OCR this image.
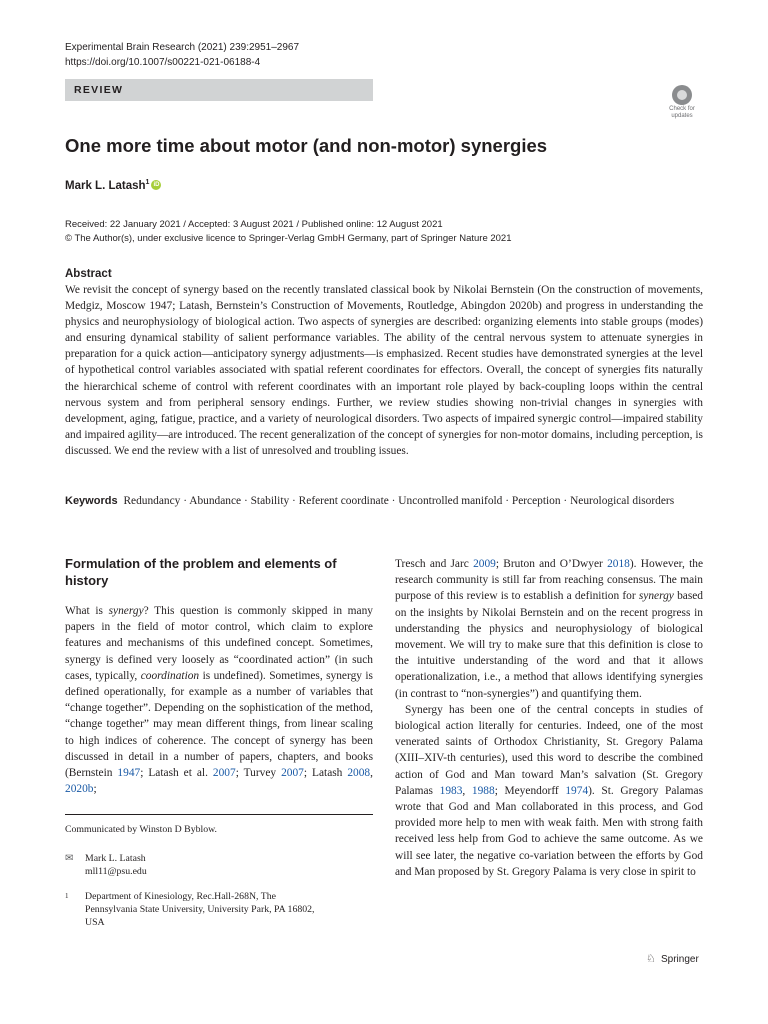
Experimental Brain Research (2021) 239:2951–2967
https://doi.org/10.1007/s00221-021-06188-4
REVIEW
Check for updates
One more time about motor (and non-motor) synergies
Mark L. Latash$^1$ iD
Received: 22 January 2021 / Accepted: 3 August 2021 / Published online: 12 August 2021
© The Author(s), under exclusive licence to Springer-Verlag GmbH Germany, part of Springer Nature 2021
Abstract

We revisit the concept of synergy based on the recently translated classical book by Nikolai Bernstein (On the construction of movements, Medgiz, Moscow 1947; Latash, Bernstein’s Construction of Movements, Routledge, Abingdon 2020b) and progress in understanding the physics and neurophysiology of biological action. Two aspects of synergies are described: organizing elements into stable groups (modes) and ensuring dynamical stability of salient performance variables. The ability of the central nervous system to attenuate synergies in preparation for a quick action—anticipatory synergy adjustments—is emphasized. Recent studies have demonstrated synergies at the level of hypothetical control variables associated with spatial referent coordinates for effectors. Overall, the concept of synergies fits naturally the hierarchical scheme of control with referent coordinates with an important role played by back-coupling loops within the central nervous system and from peripheral sensory endings. Further, we review studies showing non-trivial changes in synergies with development, aging, fatigue, practice, and a variety of neurological disorders. Two aspects of impaired synergic control—impaired stability and impaired agility—are introduced. The recent generalization of the concept of synergies for non-motor domains, including perception, is discussed. We end the review with a list of unresolved and troubling issues.

Keywords Redundancy · Abundance · Stability · Referent coordinate · Uncontrolled manifold · Perception · Neurological disorders
Formulation of the problem and elements of history

What is synergy? This question is commonly skipped in many papers in the field of motor control, which claim to explore features and mechanisms of this undefined concept. Sometimes, synergy is defined very loosely as “coordinated action” (in such cases, typically, coordination is undefined). Sometimes, synergy is defined operationally, for example as a number of variables that “change together”. Depending on the sophistication of the method, “change together” may mean different things, from linear scaling to high indices of coherence. The concept of synergy has been discussed in detail in a number of papers, chapters, and books (Bernstein 1947; Latash et al. 2007; Turvey 2007; Latash 2008, 2020b;

Communicated by Winston D Byblow.
✉	Mark L. Latash
mll11@psu.edu
1	Department of Kinesiology, Rec.Hall-268N, The
Pennsylvania State University, University Park, PA 16802,
USA

Tresch and Jarc 2009; Bruton and O’Dwyer 2018). However, the research community is still far from reaching consensus. The main purpose of this review is to establish a definition for synergy based on the insights by Nikolai Bernstein and on the recent progress in understanding the physics and neurophysiology of biological movement. We will try to make sure that this definition is close to the intuitive understanding of the word and that it allows operationalization, i.e., a method that allows identifying synergies (in contrast to “non-synergies”) and quantifying them.

Synergy has been one of the central concepts in studies of biological action literally for centuries. Indeed, one of the most venerated saints of Orthodox Christianity, St. Gregory Palama (XIII–XIV-th centuries), used this word to describe the combined action of God and Man toward Man’s salvation (St. Gregory Palamas 1983, 1988; Meyendorff 1974). St. Gregory Palamas wrote that God and Man collaborated in this process, and God provided more help to men with weak faith. Men with strong faith received less help from God to achieve the same outcome. As we will see later, the negative co-variation between the efforts by God and Man proposed by St. Gregory Palama is very close in spirit to

♘ Springer
